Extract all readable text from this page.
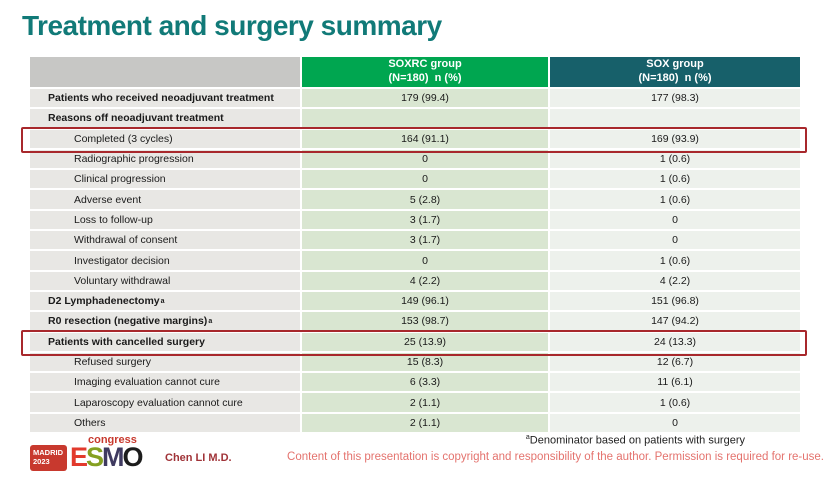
Treatment and surgery summary
SOXRC group
(N=180)  n (%)
SOX group
(N=180)  n (%)
Patients who received neoadjuvant treatment	179 (99.4)	177 (98.3)
Reasons off neoadjuvant treatment
Completed (3 cycles)	164 (91.1)	169 (93.9)
Radiographic progression	0	1 (0.6)
Clinical progression	0	1 (0.6)
Adverse event	5 (2.8)	1 (0.6)
Loss to follow-up	3 (1.7)	0
Withdrawal of consent	3 (1.7)	0
Investigator decision	0	1 (0.6)
Voluntary withdrawal	4 (2.2)	4 (2.2)
D2 Lymphadenectomy a	149 (96.1)	151 (96.8)
R0 resection (negative margins) a	153 (98.7)	147 (94.2)
Patients with cancelled surgery	25 (13.9)	24 (13.3)
Refused surgery	15 (8.3)	12 (6.7)
Imaging evaluation cannot cure	6 (3.3)	11 (6.1)
Laparoscopy evaluation cannot cure	2 (1.1)	1 (0.6)
Others	2 (1.1)	0
MADRID
2023 E S M O
congress
Chen LI M.D.
$^a$Denominator based on patients with surgery
Content of this presentation is copyright and responsibility of the author. Permission is required for re-use.
